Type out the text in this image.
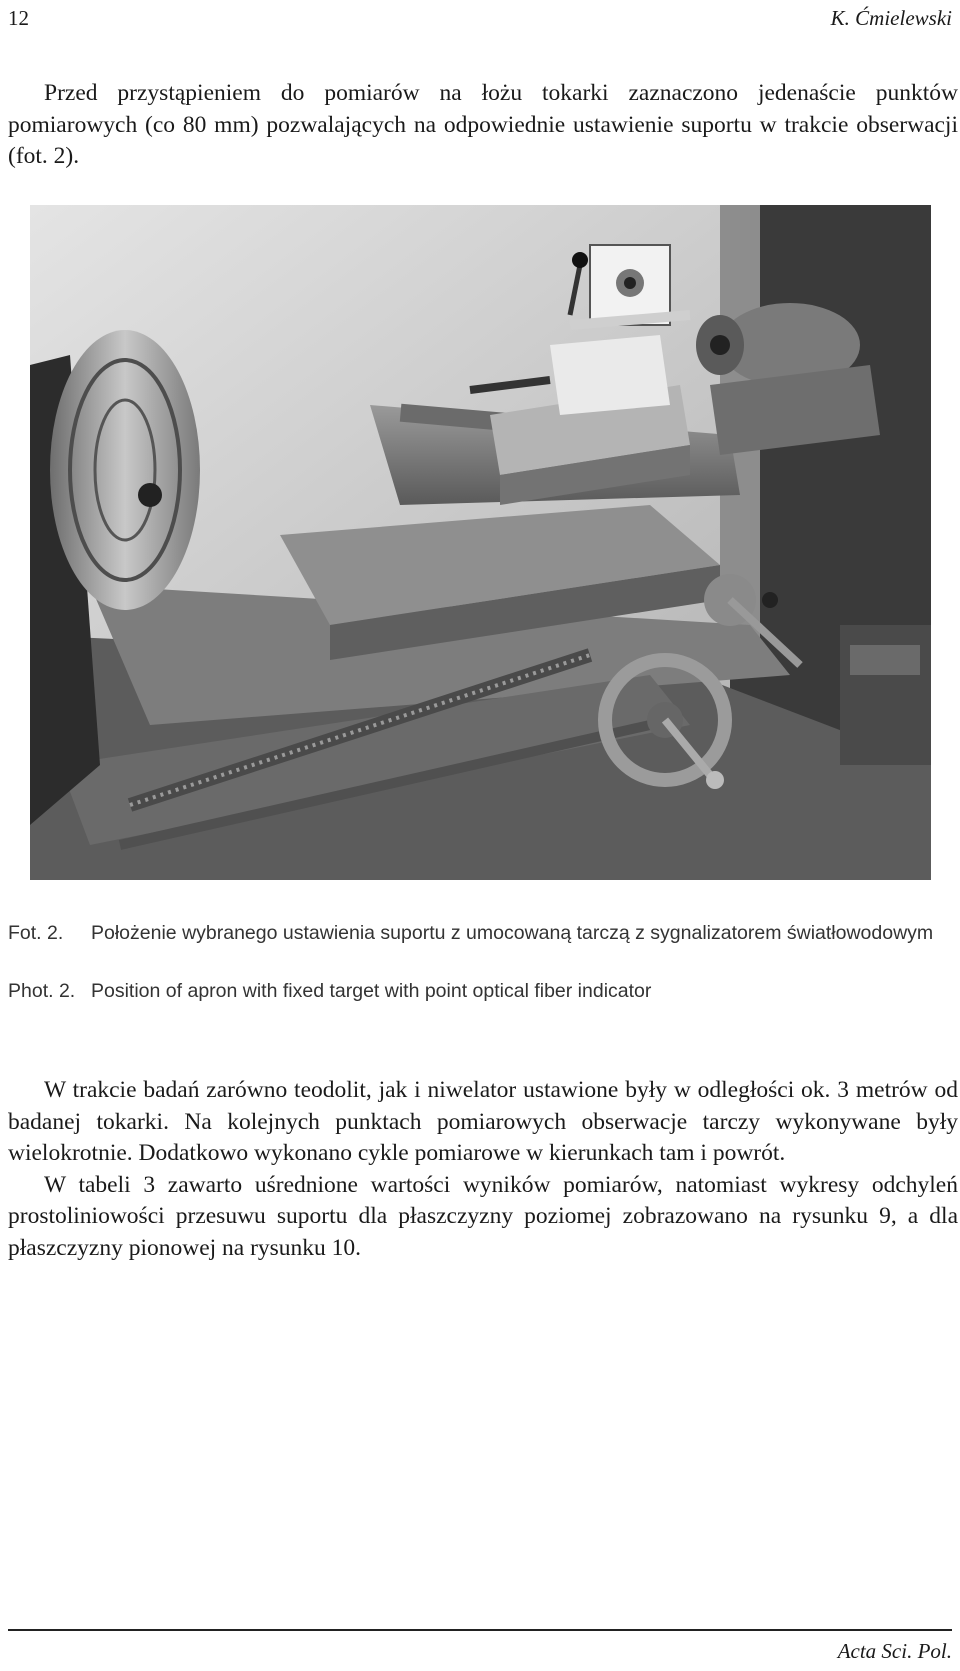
12	K. Ćmielewski

Przed przystąpieniem do pomiarów na łożu tokarki zaznaczono jedenaście punktów pomiarowych (co 80 mm) pozwalających na odpowiednie ustawienie suportu w trakcie obserwacji (fot. 2).

Fot. 2.	Położenie wybranego ustawienia suportu z umocowaną tarczą z sygnalizatorem światłowodowym
Phot. 2. Position of apron with fixed target with point optical fiber indicator

W trakcie badań zarówno teodolit, jak i niwelator ustawione były w odległości ok. 3 metrów od badanej tokarki. Na kolejnych punktach pomiarowych obserwacje tarczy wykonywane były wielokrotnie. Dodatkowo wykonano cykle pomiarowe w kierunkach tam i powrót.

W tabeli 3 zawarto uśrednione wartości wyników pomiarów, natomiast wykresy odchyleń prostoliniowości przesuwu suportu dla płaszczyzny poziomej zobrazowano na rysunku 9, a dla płaszczyzny pionowej na rysunku 10.

Acta Sci. Pol.
